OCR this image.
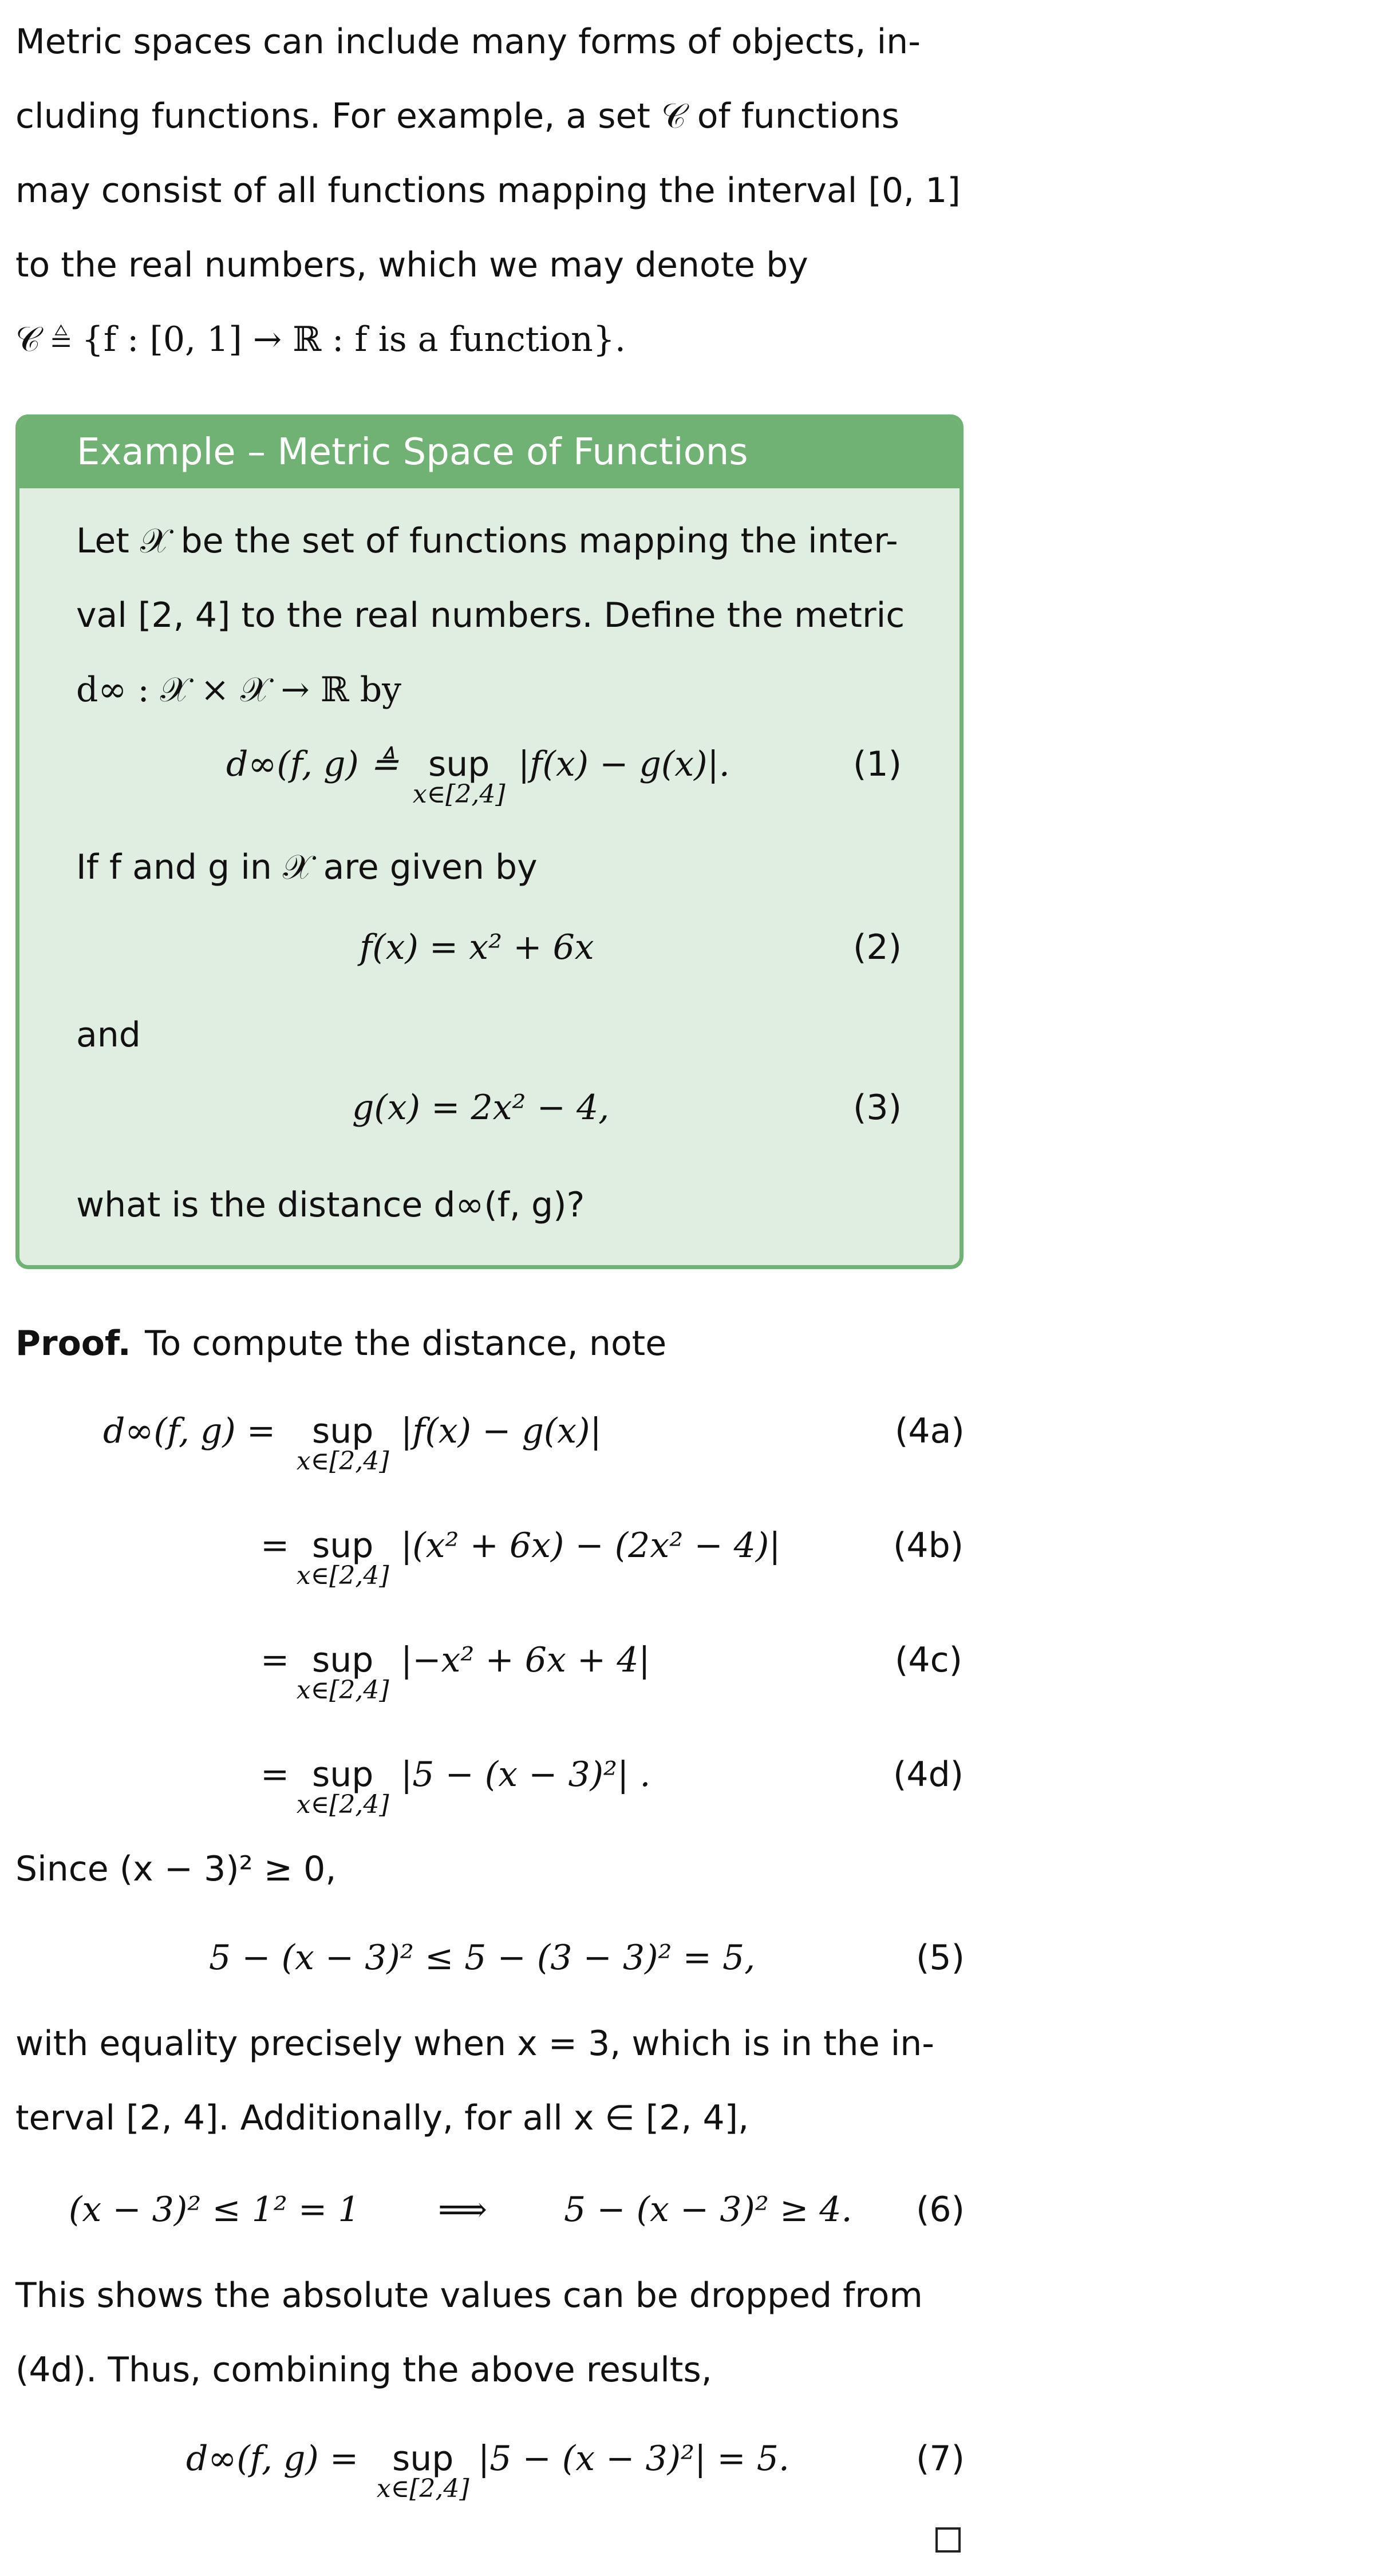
Metric spaces can include many forms of objects, in-
cluding functions. For example, a set 𝒞 of functions
may consist of all functions mapping the interval [0, 1]
to the real numbers, which we may denote by
𝒞 ≜ {f : [0, 1] → ℝ : f is a function}.
Example – Metric Space of Functions
Let 𝒳 be the set of functions mapping the inter-
val [2, 4] to the real numbers. Define the metric
d∞ : 𝒳 × 𝒳 → ℝ by
d∞(f, g) ≜ sup
x∈[2,4]
|f(x) − g(x)|.	(1)
If f and g in 𝒳 are given by
f(x) = x² + 6x	(2)
and
g(x) = 2x² − 4,	(3)
what is the distance d∞(f, g)?
Proof. To compute the distance, note
d∞(f, g) = sup
x∈[2,4]
|f(x) − g(x)|	(4a)
= sup
x∈[2,4]
|(x² + 6x) − (2x² − 4)|	(4b)
= sup
x∈[2,4]
|−x² + 6x + 4|	(4c)
= sup
x∈[2,4]
|5 − (x − 3)²| .	(4d)
Since (x − 3)² ≥ 0,
5 − (x − 3)² ≤ 5 − (3 − 3)² = 5,	(5)
with equality precisely when x = 3, which is in the in-
terval [2, 4]. Additionally, for all x ∈ [2, 4],
(x − 3)² ≤ 1² = 1 ⟹ 5 − (x − 3)² ≥ 4. (6)
This shows the absolute values can be dropped from
(4d). Thus, combining the above results,
d∞(f, g) = sup
x∈[2,4]
|5 − (x − 3)²| = 5.	(7)
